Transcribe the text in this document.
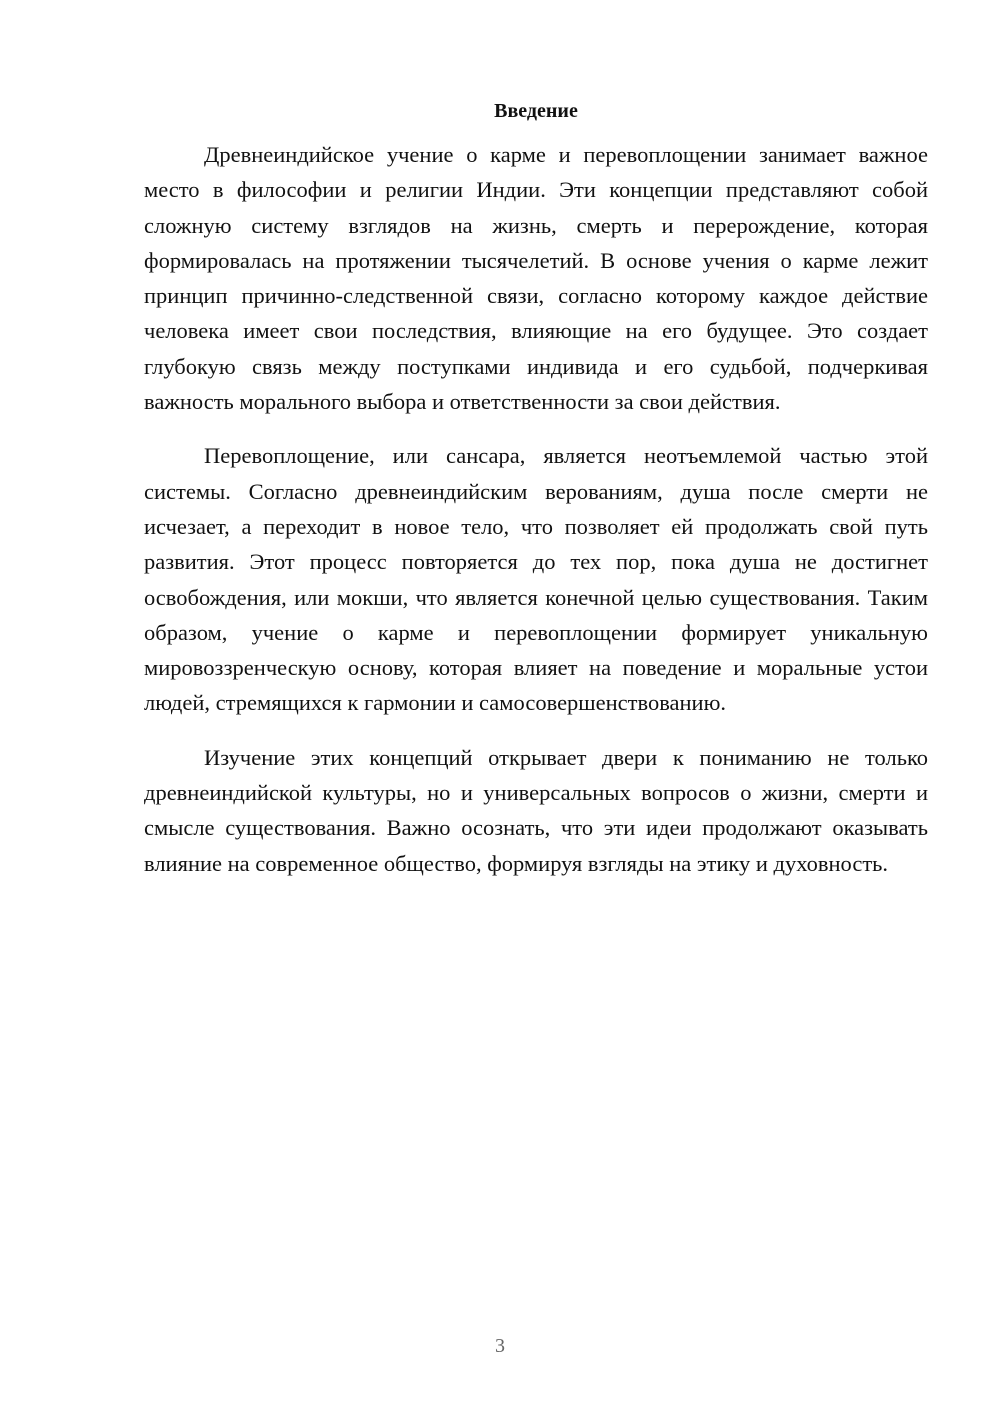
Введение

Древнеиндийское учение о карме и перевоплощении занимает важное место в философии и религии Индии. Эти концепции представляют собой сложную систему взглядов на жизнь, смерть и перерождение, которая формировалась на протяжении тысячелетий. В основе учения о карме лежит принцип причинно-следственной связи, согласно которому каждое действие человека имеет свои последствия, влияющие на его будущее. Это создает глубокую связь между поступками индивида и его судьбой, подчеркивая важность морального выбора и ответственности за свои действия.

Перевоплощение, или сансара, является неотъемлемой частью этой системы. Согласно древнеиндийским верованиям, душа после смерти не исчезает, а переходит в новое тело, что позволяет ей продолжать свой путь развития. Этот процесс повторяется до тех пор, пока душа не достигнет освобождения, или мокши, что является конечной целью существования. Таким образом, учение о карме и перевоплощении формирует уникальную мировоззренческую основу, которая влияет на поведение и моральные устои людей, стремящихся к гармонии и самосовершенствованию.

Изучение этих концепций открывает двери к пониманию не только древнеиндийской культуры, но и универсальных вопросов о жизни, смерти и смысле существования. Важно осознать, что эти идеи продолжают оказывать влияние на современное общество, формируя взгляды на этику и духовность.

3
